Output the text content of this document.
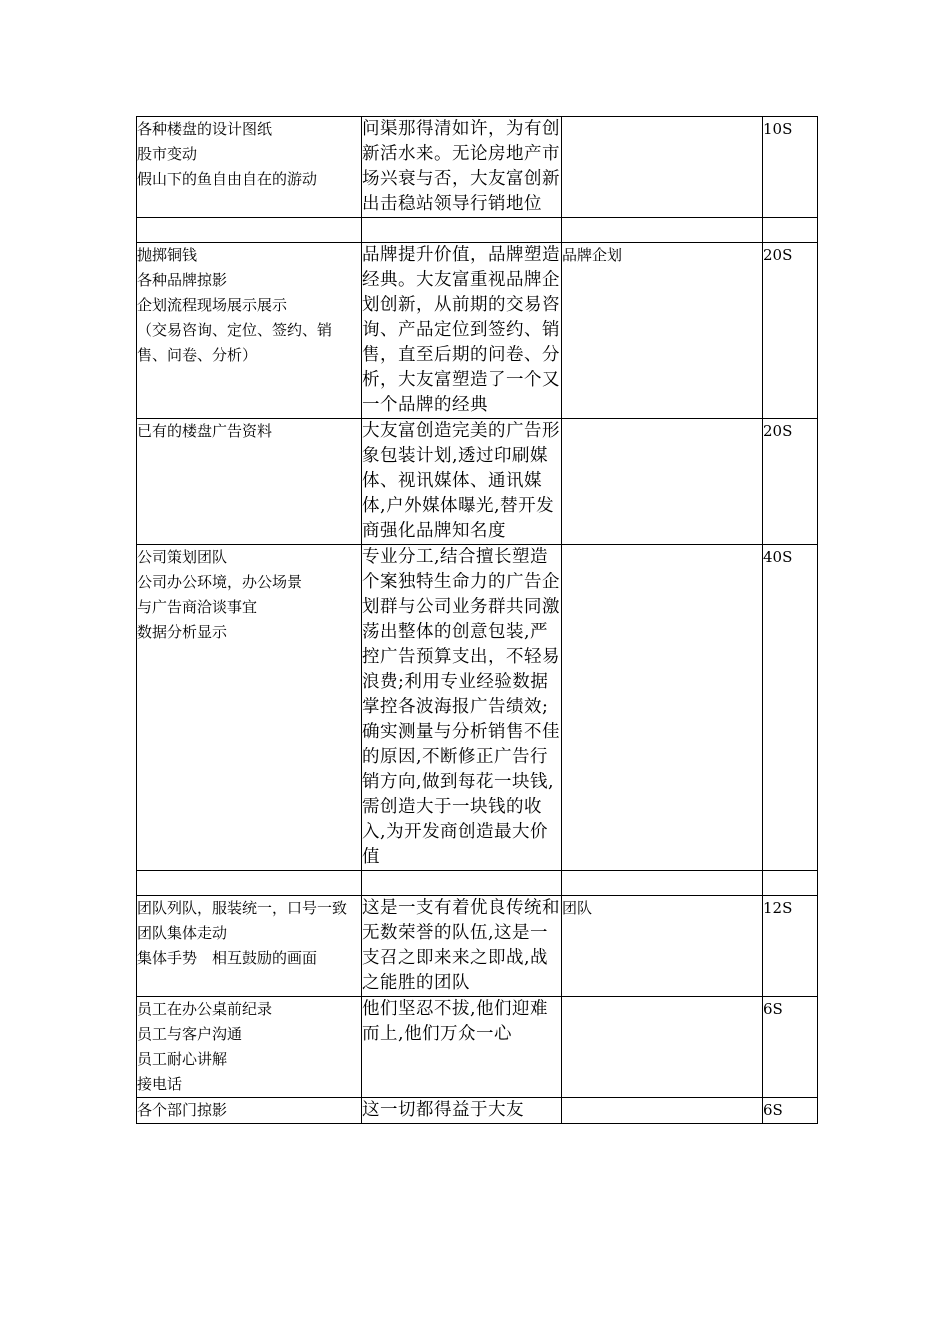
各种楼盘的设计图纸
股市变动
假山下的鱼自由自在的游动	问渠那得清如许，为有创新活水来。无论房地产市场兴衰与否，大友富创新出击稳站领导行销地位		10S

抛掷铜钱
各种品牌掠影
企划流程现场展示展示
（交易咨询、定位、签约、销售、问卷、分析）	品牌提升价值，品牌塑造经典。大友富重视品牌企划创新，从前期的交易咨询、产品定位到签约、销售，直至后期的问卷、分析，大友富塑造了一个又一个品牌的经典	品牌企划	20S

已有的楼盘广告资料	大友富创造完美的广告形象包装计划,透过印刷媒体、视讯媒体、通讯媒体,户外媒体曝光,替开发商强化品牌知名度		20S

公司策划团队
公司办公环境，办公场景
与广告商洽谈事宜
数据分析显示	专业分工,结合擅长塑造个案独特生命力的广告企划群与公司业务群共同激荡出整体的创意包装,严控广告预算支出，不轻易浪费;利用专业经验数据掌控各波海报广告绩效;确实测量与分析销售不佳的原因,不断修正广告行销方向,做到每花一块钱,需创造大于一块钱的收入,为开发商创造最大价值		40S

团队列队，服装统一，口号一致
团队集体走动
集体手势　相互鼓励的画面	这是一支有着优良传统和无数荣誉的队伍,这是一支召之即来来之即战,战之能胜的团队	团队	12S

员工在办公桌前纪录
员工与客户沟通
员工耐心讲解
接电话	他们坚忍不拔,他们迎难而上,他们万众一心		6S

各个部门掠影	这一切都得益于大友		6S
